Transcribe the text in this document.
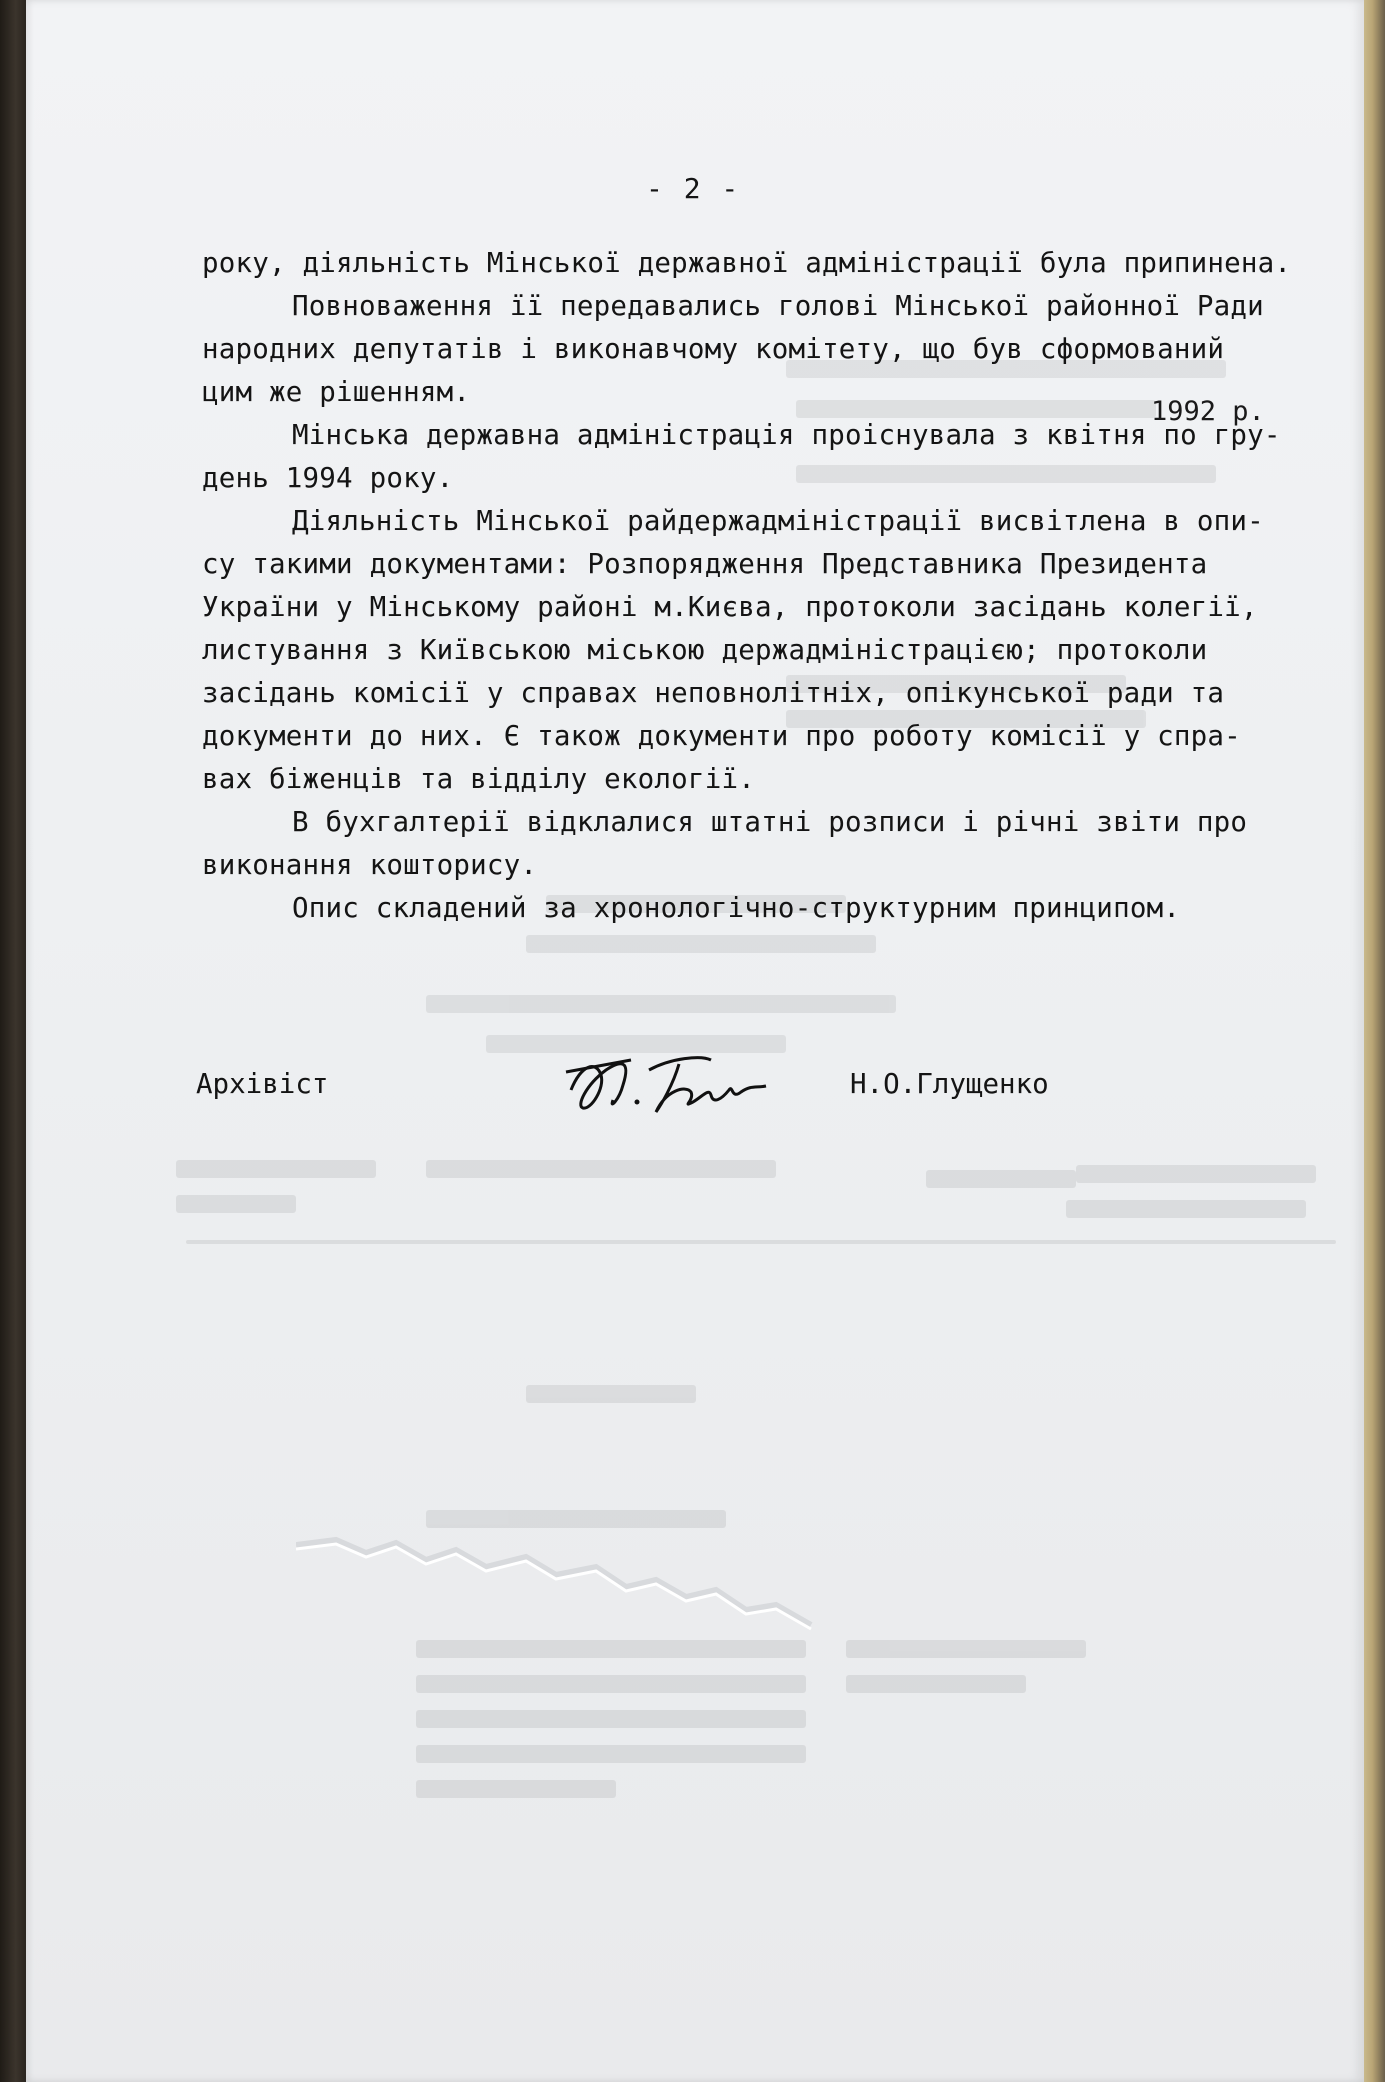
- 2 -
1992 р.
року, діяльність Мінської державної адміністрації була припинена.
Повноваження її передавались голові Мінської районної Ради
народних депутатів і виконавчому комітету, що був сформований
цим же рішенням.
Мінська державна адміністрація проіснувала з квітня по гру-
день 1994 року.
Діяльність Мінської райдержадміністрації висвітлена в опи-
су такими документами: Розпорядження Представника Президента
України у Мінському районі м.Києва, протоколи засідань колегії,
листування з Київською міською держадміністрацією; протоколи
засідань комісії у справах неповнолітніх, опікунської ради та
документи до них. Є також документи про роботу комісії у спра-
вах біженців та відділу екології.
В бухгалтерії відклалися штатні розписи і річні звіти про
виконання кошторису.
Опис складений за хронологічно-структурним принципом.
Архівіст	Н.О.Глущенко
